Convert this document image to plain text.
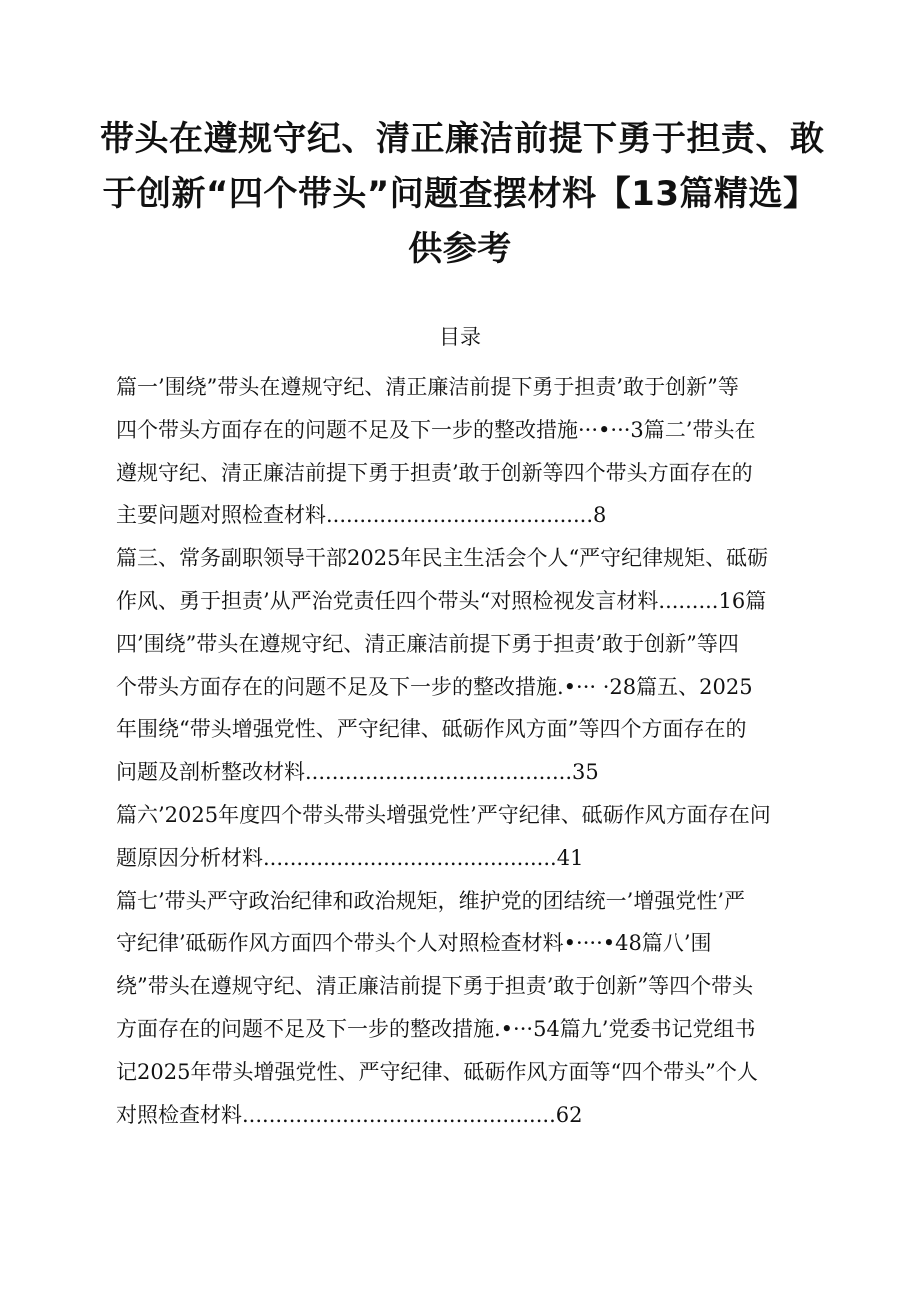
带头在遵规守纪、清正廉洁前提下勇于担责、敢
于创新“四个带头”问题查摆材料【13篇精选】
供参考
目录
篇一’围绕”带头在遵规守纪、清正廉洁前提下勇于担责’敢于创新”等
四个带头方面存在的问题不足及下一步的整改措施···•···3篇二’带头在
遵规守纪、清正廉洁前提下勇于担责’敢于创新等四个带头方面存在的
主要问题对照检查材料........................................8
篇三、常务副职领导干部2025年民主生活会个人“严守纪律规矩、砥砺
作风、勇于担责’从严治党责任四个带头“对照检视发言材料.........16篇
四’围绕”带头在遵规守纪、清正廉洁前提下勇于担责’敢于创新”等四
个带头方面存在的问题不足及下一步的整改措施.•··· ·28篇五、2025
年围绕“带头增强党性、严守纪律、砥砺作风方面”等四个方面存在的
问题及剖析整改材料........................................35
篇六’2025年度四个带头带头增强党性’严守纪律、砥砺作风方面存在问
题原因分析材料............................................41
篇七’带头严守政治纪律和政治规矩，维护党的团结统一’增强党性’严
守纪律’砥砺作风方面四个带头个人对照检查材料•····•48篇八’围
绕”带头在遵规守纪、清正廉洁前提下勇于担责’敢于创新”等四个带头
方面存在的问题不足及下一步的整改措施.•···54篇九’党委书记党组书
记2025年带头增强党性、严守纪律、砥砺作风方面等“四个带头”个人
对照检查材料...............................................62
